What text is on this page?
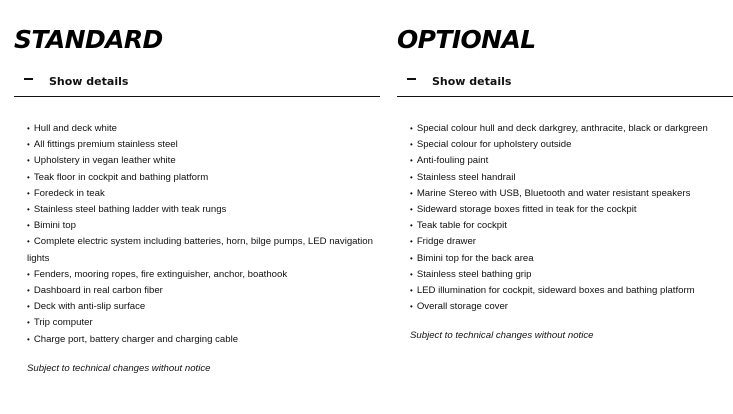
STANDARD
Show details
• Hull and deck white
• All fittings premium stainless steel
• Upholstery in vegan leather white
• Teak floor in cockpit and bathing platform
• Foredeck in teak
• Stainless steel bathing ladder with teak rungs
• Bimini top
• Complete electric system including batteries, horn, bilge pumps, LED navigation lights
• Fenders, mooring ropes, fire extinguisher, anchor, boathook
• Dashboard in real carbon fiber
• Deck with anti-slip surface
• Trip computer
• Charge port, battery charger and charging cable

Subject to technical changes without notice

OPTIONAL
Show details
• Special colour hull and deck darkgrey, anthracite, black or darkgreen
• Special colour for upholstery outside
• Anti-fouling paint
• Stainless steel handrail
• Marine Stereo with USB, Bluetooth and water resistant speakers
• Sideward storage boxes fitted in teak for the cockpit
• Teak table for cockpit
• Fridge drawer
• Bimini top for the back area
• Stainless steel bathing grip
• LED illumination for cockpit, sideward boxes and bathing platform
• Overall storage cover

Subject to technical changes without notice
